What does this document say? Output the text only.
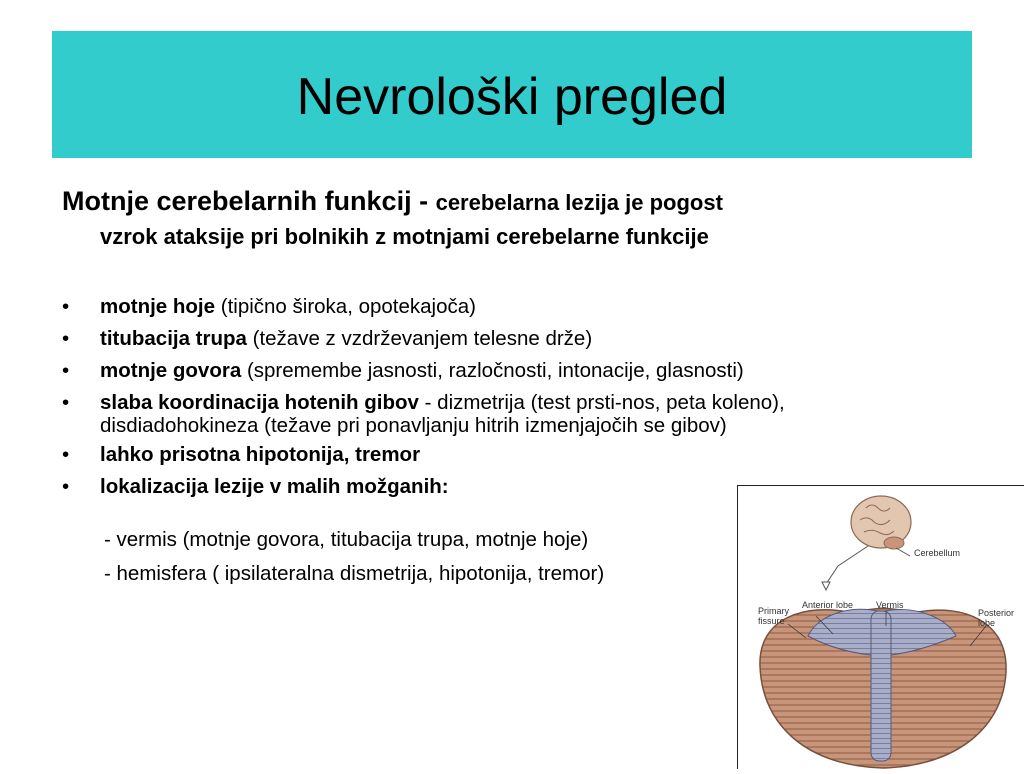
Nevrološki pregled
Motnje cerebelarnih funkcij - cerebelarna lezija je pogost
vzrok ataksije pri bolnikih z motnjami cerebelarne funkcije
• motnje hoje (tipično široka, opotekajoča)
• titubacija trupa (težave z vzdrževanjem telesne drže)
• motnje govora (spremembe jasnosti, razločnosti, intonacije, glasnosti)
• slaba koordinacija hotenih gibov - dizmetrija (test prsti-nos, peta koleno),
disdiadohokineza (težave pri ponavljanju hitrih izmenjajočih se gibov)
• lahko prisotna hipotonija, tremor
• lokalizacija lezije v malih možganih:
- vermis (motnje govora, titubacija trupa, motnje hoje)
- hemisfera ( ipsilateralna dismetrija, hipotonija, tremor)
Cerebellum
Anterior lobe	Vermis
Primary
fissure
Posterior
lobe
